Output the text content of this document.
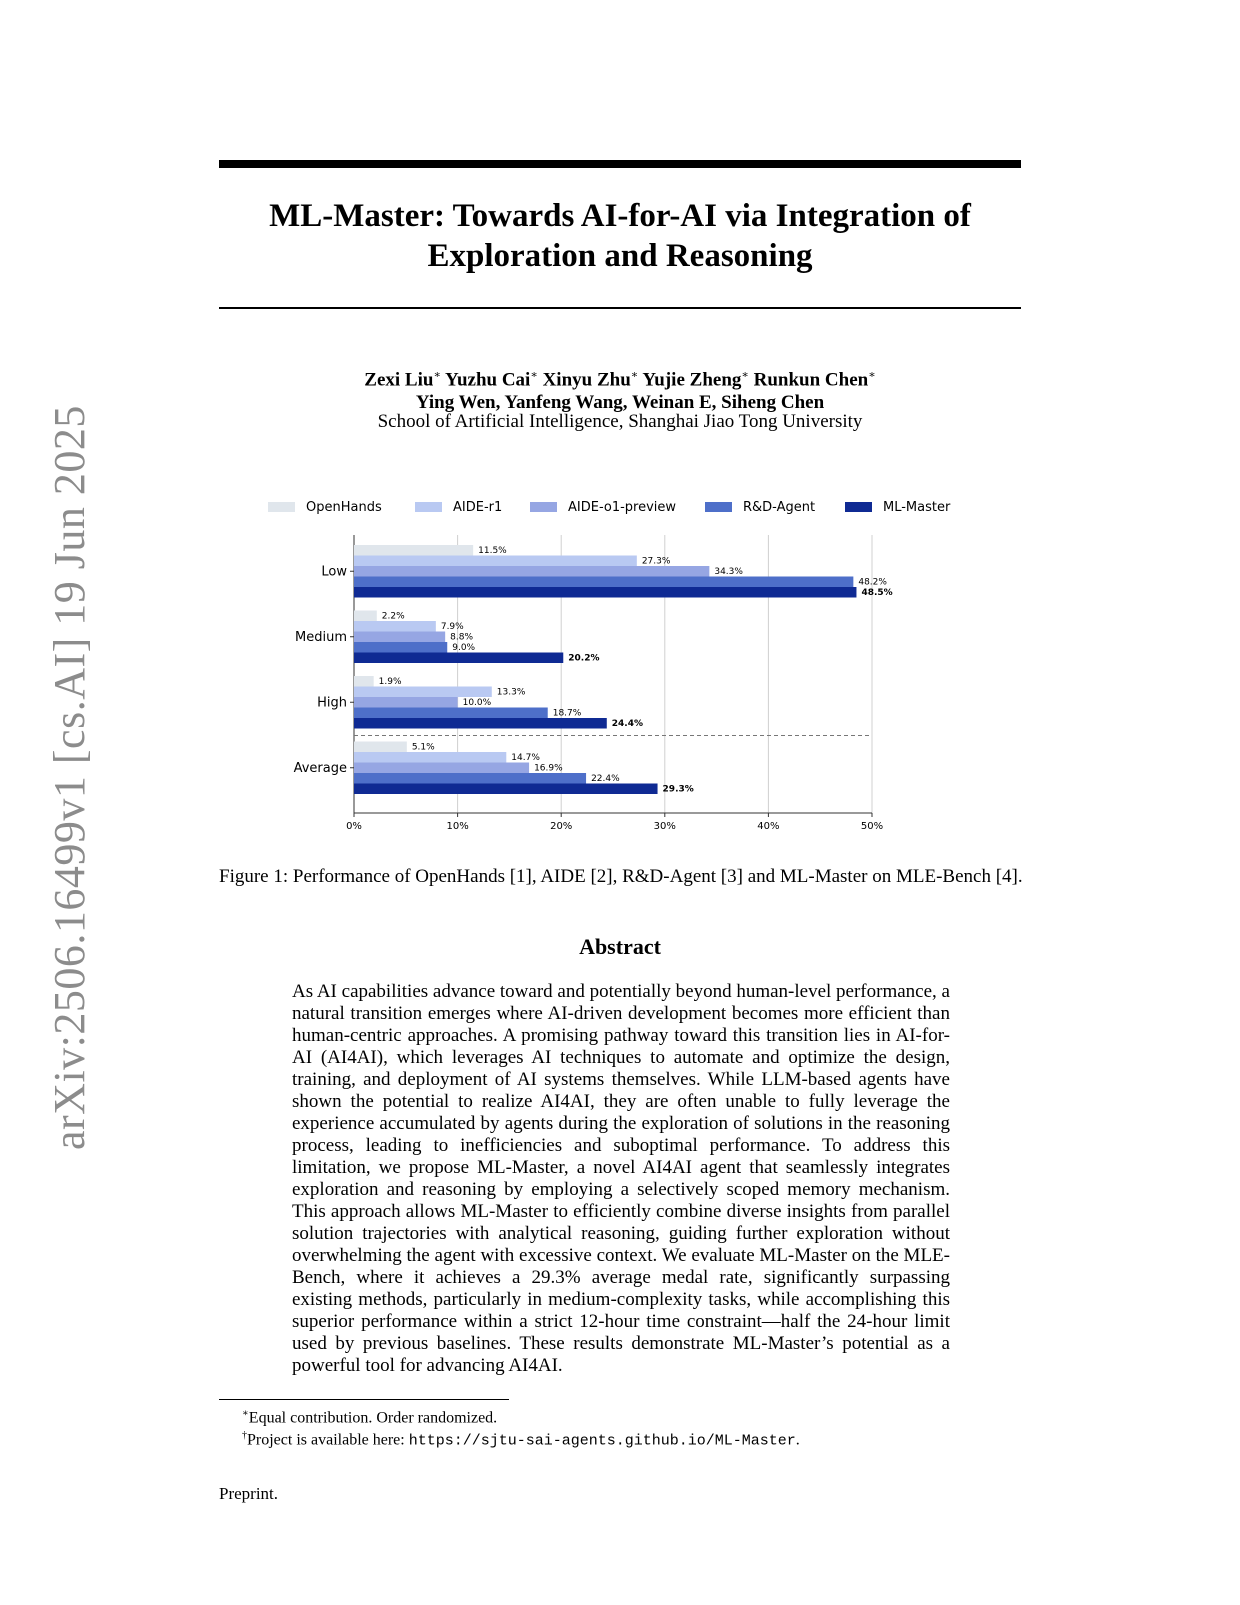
arXiv:2506.16499v1 [cs.AI] 19 Jun 2025
ML-Master: Towards AI-for-AI via Integration of
Exploration and Reasoning
Zexi Liu∗ Yuzhu Cai∗ Xinyu Zhu∗ Yujie Zheng∗ Runkun Chen∗
Ying Wen, Yanfeng Wang, Weinan E, Siheng Chen
School of Artificial Intelligence, Shanghai Jiao Tong University
0%	10%	20%	30%	40%	50%
Low
11.5%
27.3%
34.3%
48.2%
48.5%
Medium
2.2%
7.9%
8.8%
9.0%
20.2%
High
1.9%
13.3%
10.0%
18.7%
24.4%
Average
5.1%
14.7%
16.9%
22.4%
29.3%
OpenHands	AIDE-r1	AIDE-o1-preview	R&D-Agent	ML-Master
Figure 1: Performance of OpenHands [1], AIDE [2], R&D-Agent [3] and ML-Master on MLE-Bench [4].
Abstract
As AI capabilities advance toward and potentially beyond human-level performance, a natural transition emerges where AI-driven development becomes more efficient than human-centric approaches. A promising pathway toward this transition lies in AI-for-AI (AI4AI), which leverages AI techniques to automate and optimize the design, training, and deployment of AI systems themselves. While LLM-based agents have shown the potential to realize AI4AI, they are often unable to fully leverage the experience accumulated by agents during the exploration of solutions in the reasoning process, leading to inefficiencies and suboptimal performance. To address this limitation, we propose ML-Master, a novel AI4AI agent that seamlessly integrates exploration and reasoning by employing a selectively scoped memory mechanism. This approach allows ML-Master to efficiently combine diverse insights from parallel solution trajectories with analytical reasoning, guiding further exploration without overwhelming the agent with excessive context. We evaluate ML-Master on the MLE-Bench, where it achieves a 29.3% average medal rate, significantly surpassing existing methods, particularly in medium-complexity tasks, while accomplishing this superior performance within a strict 12-hour time constraint—half the 24-hour limit used by previous baselines. These results demonstrate ML-Master’s potential as a powerful tool for advancing AI4AI.
∗Equal contribution. Order randomized.
†Project is available here: https://sjtu-sai-agents.github.io/ML-Master.
Preprint.
